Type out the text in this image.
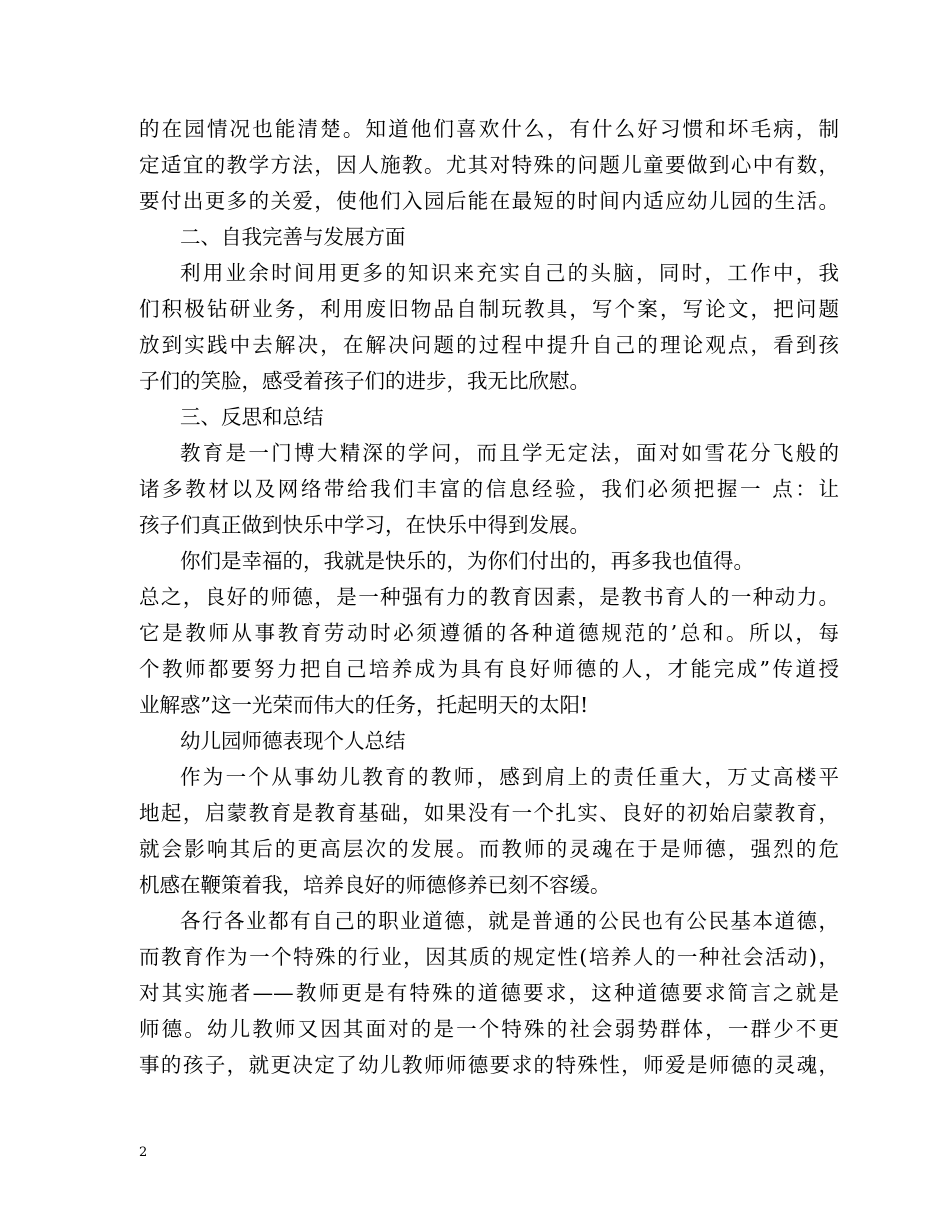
的在园情况也能清楚。知道他们喜欢什么，有什么好习惯和坏毛病，制
定适宜的教学方法，因人施教。尤其对特殊的问题儿童要做到心中有数，
要付出更多的关爱，使他们入园后能在最短的时间内适应幼儿园的生活。
二、自我完善与发展方面
利用业余时间用更多的知识来充实自己的头脑，同时，工作中，我
们积极钻研业务，利用废旧物品自制玩教具，写个案，写论文，把问题
放到实践中去解决，在解决问题的过程中提升自己的理论观点，看到孩
子们的笑脸，感受着孩子们的进步，我无比欣慰。
三、反思和总结
教育是一门博大精深的学问，而且学无定法，面对如雪花分飞般的
诸多教材以及网络带给我们丰富的信息经验，我们必须把握一 点：让
孩子们真正做到快乐中学习，在快乐中得到发展。
你们是幸福的，我就是快乐的，为你们付出的，再多我也值得。
总之，良好的师德，是一种强有力的教育因素，是教书育人的一种动力。
它是教师从事教育劳动时必须遵循的各种道德规范的’总和。所以，每
个教师都要努力把自己培养成为具有良好师德的人，才能完成”传道授
业解惑”这一光荣而伟大的任务，托起明天的太阳!
幼儿园师德表现个人总结
作为一个从事幼儿教育的教师，感到肩上的责任重大，万丈高楼平
地起，启蒙教育是教育基础，如果没有一个扎实、良好的初始启蒙教育，
就会影响其后的更高层次的发展。而教师的灵魂在于是师德，强烈的危
机感在鞭策着我，培养良好的师德修养已刻不容缓。
各行各业都有自己的职业道德，就是普通的公民也有公民基本道德，
而教育作为一个特殊的行业，因其质的规定性(培养人的一种社会活动)，
对其实施者——教师更是有特殊的道德要求，这种道德要求简言之就是
师德。幼儿教师又因其面对的是一个特殊的社会弱势群体，一群少不更
事的孩子，就更决定了幼儿教师师德要求的特殊性，师爱是师德的灵魂，
2
